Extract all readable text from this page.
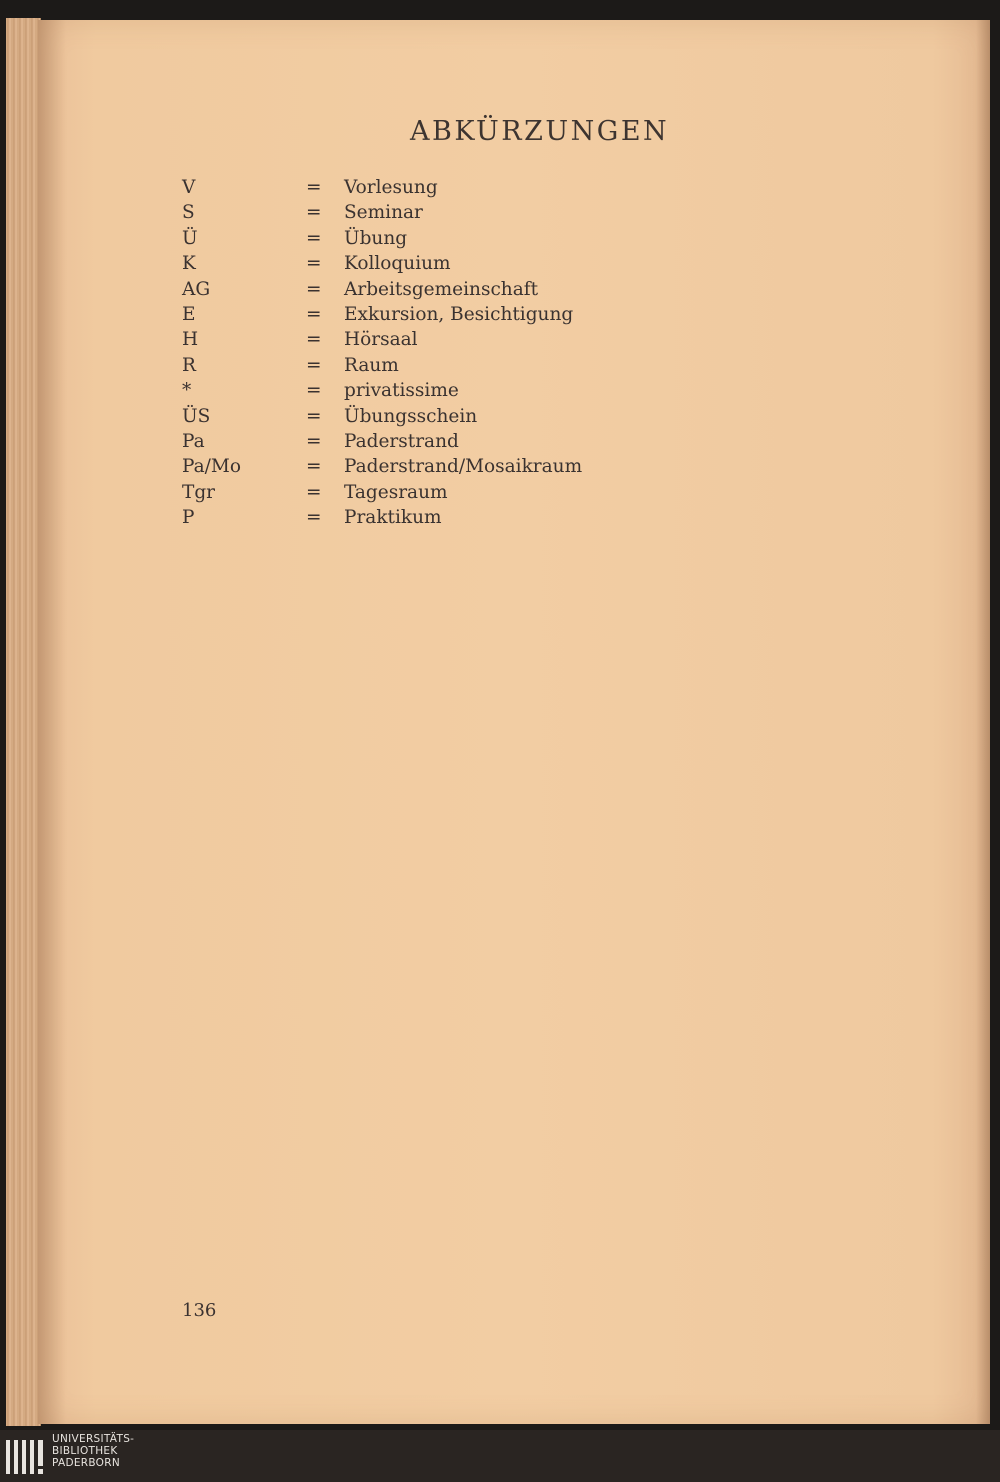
ABKÜRZUNGEN
V	= Vorlesung
S	= Seminar
Ü	= Übung
K	= Kolloquium
AG	= Arbeitsgemeinschaft
E	= Exkursion, Besichtigung
H	= Hörsaal
R	= Raum
*	= privatissime
ÜS	= Übungsschein
Pa	= Paderstrand
Pa/Mo	= Paderstrand/Mosaikraum
Tgr	= Tagesraum
P	= Praktikum
136
UNIVERSITÄTS-
BIBLIOTHEK
PADERBORN
